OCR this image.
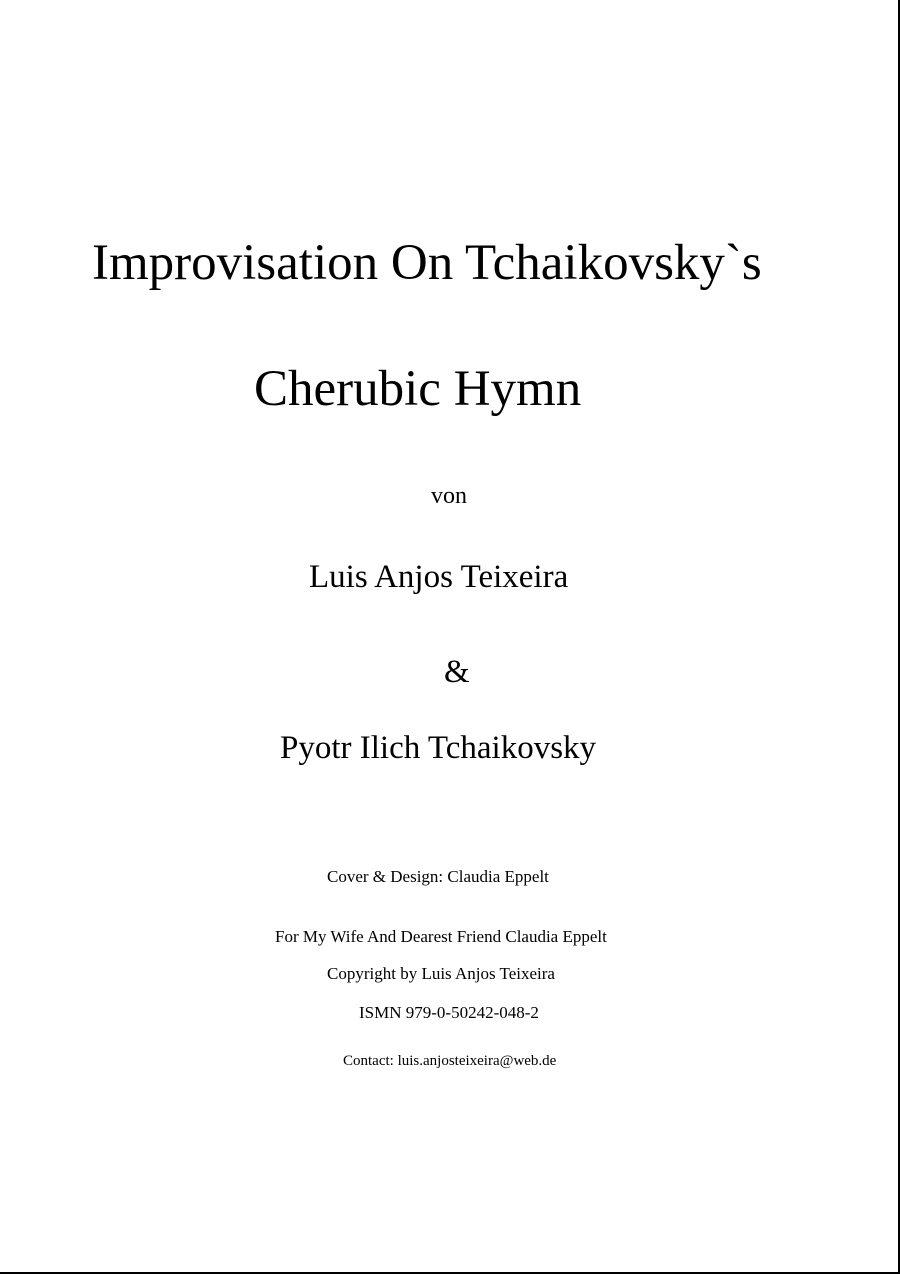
Improvisation On Tchaikovsky`s
Cherubic Hymn
von
Luis Anjos Teixeira
&
Pyotr Ilich Tchaikovsky
Cover & Design: Claudia Eppelt
For My Wife And Dearest Friend Claudia Eppelt
Copyright by Luis Anjos Teixeira
ISMN 979-0-50242-048-2
Contact: luis.anjosteixeira@web.de
